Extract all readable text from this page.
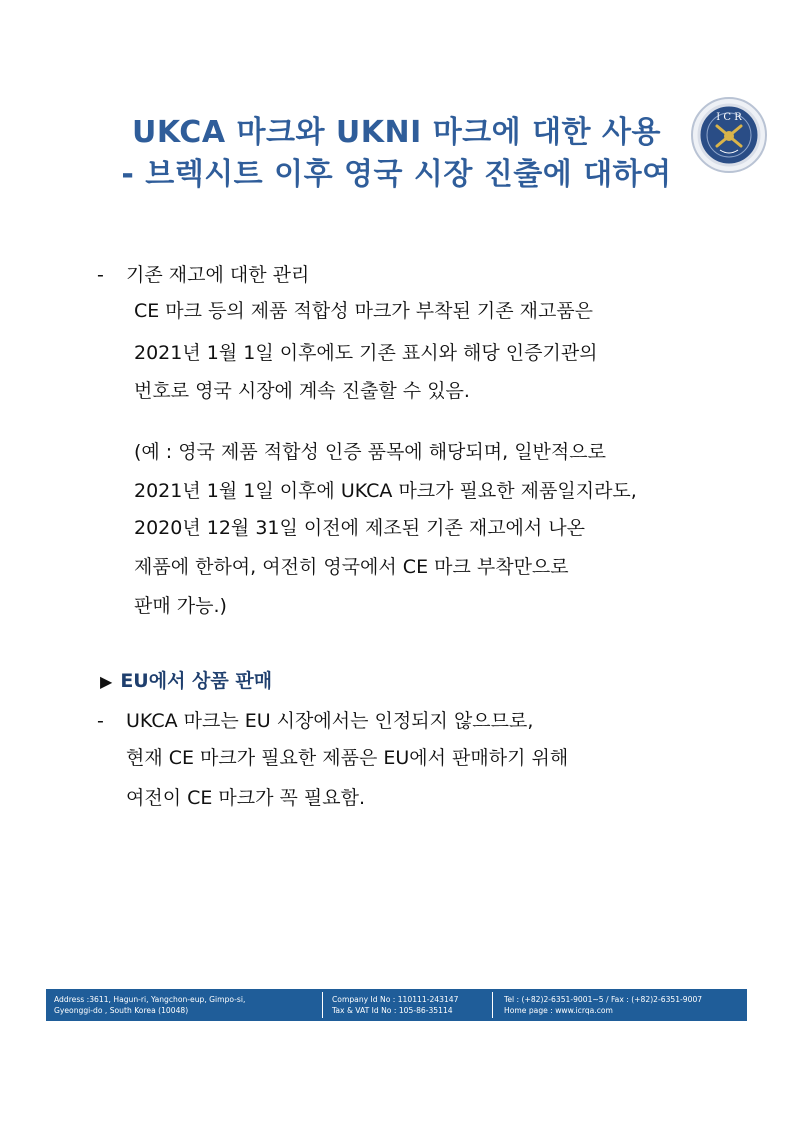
UKCA 마크와 UKNI 마크에 대한 사용
- 브렉시트 이후 영국 시장 진출에 대하여
I C R
- 기존 재고에 대한 관리
CE 마크 등의 제품 적합성 마크가 부착된 기존 재고품은
2021년 1월 1일 이후에도 기존 표시와 해당 인증기관의
번호로 영국 시장에 계속 진출할 수 있음.
(예 : 영국 제품 적합성 인증 품목에 해당되며, 일반적으로
2021년 1월 1일 이후에 UKCA 마크가 필요한 제품일지라도,
2020년 12월 31일 이전에 제조된 기존 재고에서 나온
제품에 한하여, 여전히 영국에서 CE 마크 부착만으로
판매 가능.)
▶ EU에서 상품 판매
- UKCA 마크는 EU 시장에서는 인정되지 않으므로,
현재 CE 마크가 필요한 제품은 EU에서 판매하기 위해
여전이 CE 마크가 꼭 필요함.
Address :3611, Hagun-ri, Yangchon-eup, Gimpo-si,
Gyeonggi-do , South Korea (10048)
Company Id No : 110111-243147
Tax & VAT Id No : 105-86-35114
Tel : (+82)2-6351-9001~5 / Fax : (+82)2-6351-9007
Home page : www.icrqa.com
